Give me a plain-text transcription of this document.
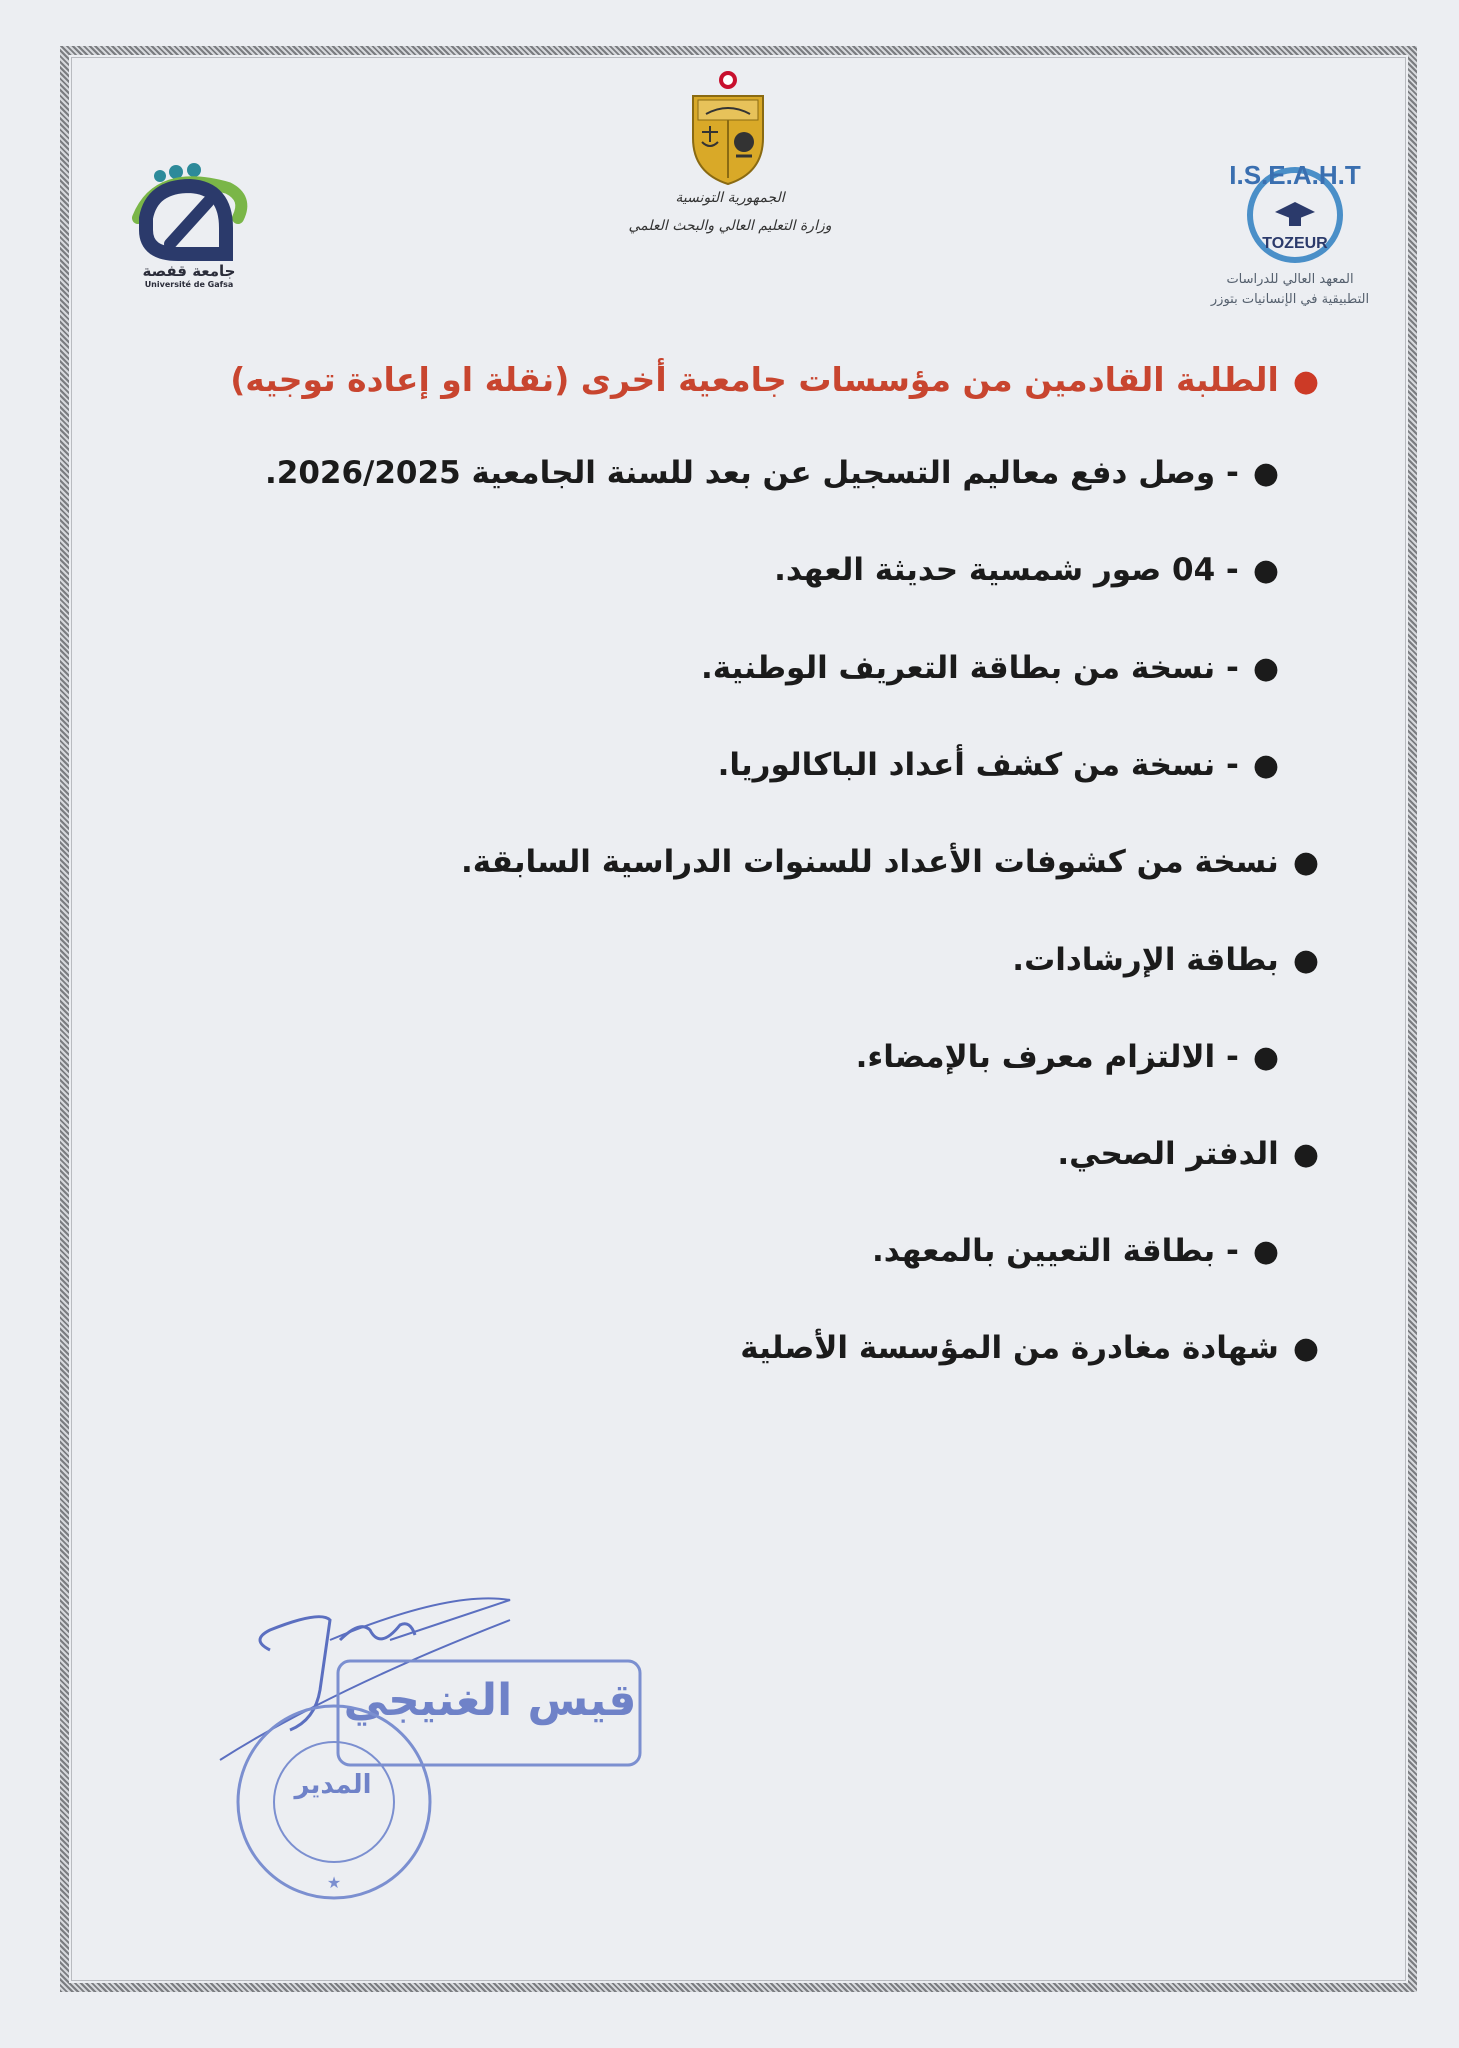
جامعة قفصة
Université de Gafsa
الجمهورية التونسية
وزارة التعليم العالي والبحث العلمي
I.S.E.A.H.T
TOZEUR
المعهد العالي للدراسات
التطبيقية في الإنسانيات بتوزر
●الطلبة القادمين من مؤسسات جامعية أخرى (نقلة او إعادة توجيه)
●- وصل دفع معاليم التسجيل عن بعد للسنة الجامعية 2026/2025.
●- 04 صور شمسية حديثة العهد.
●- نسخة من بطاقة التعريف الوطنية.
●- نسخة من كشف أعداد الباكالوريا.
●نسخة من كشوفات الأعداد للسنوات الدراسية السابقة.
●بطاقة الإرشادات.
●- الالتزام معرف بالإمضاء.
●الدفتر الصحي.
●- بطاقة التعيين بالمعهد.
●شهادة مغادرة من المؤسسة الأصلية
قيس الغنيجي
★
المدير
